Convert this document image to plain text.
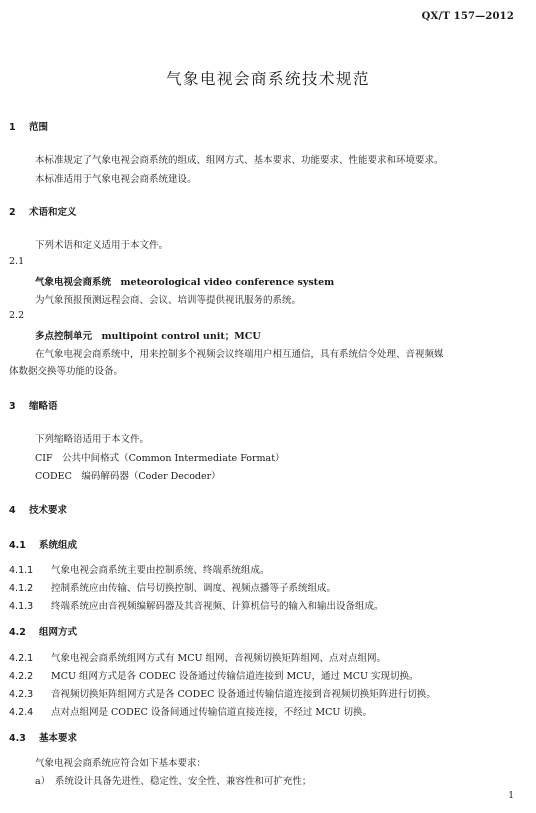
QX/T 157—2012
气象电视会商系统技术规范
1 范围
本标准规定了气象电视会商系统的组成、组网方式、基本要求、功能要求、性能要求和环境要求。
本标准适用于气象电视会商系统建设。
2 术语和定义
下列术语和定义适用于本文件。
2.1
气象电视会商系统　meteorological video conference system
为气象预报预测远程会商、会议、培训等提供视讯服务的系统。
2.2
多点控制单元　multipoint control unit；MCU
在气象电视会商系统中，用来控制多个视频会议终端用户相互通信，具有系统信令处理、音视频媒
体数据交换等功能的设备。
3 缩略语
下列缩略语适用于本文件。
CIF　公共中间格式（Common Intermediate Format）
CODEC　编码解码器（Coder Decoder）
4 技术要求
4.1 系统组成
4.1.1 气象电视会商系统主要由控制系统、终端系统组成。
4.1.2 控制系统应由传输、信号切换控制、调度、视频点播等子系统组成。
4.1.3 终端系统应由音视频编解码器及其音视频、计算机信号的输入和输出设备组成。
4.2 组网方式
4.2.1 气象电视会商系统组网方式有 MCU 组网、音视频切换矩阵组网、点对点组网。
4.2.2 MCU 组网方式是各 CODEC 设备通过传输信道连接到 MCU，通过 MCU 实现切换。
4.2.3 音视频切换矩阵组网方式是各 CODEC 设备通过传输信道连接到音视频切换矩阵进行切换。
4.2.4 点对点组网是 CODEC 设备间通过传输信道直接连接，不经过 MCU 切换。
4.3 基本要求
气象电视会商系统应符合如下基本要求：
a）　系统设计具备先进性、稳定性、安全性、兼容性和可扩充性；
1
